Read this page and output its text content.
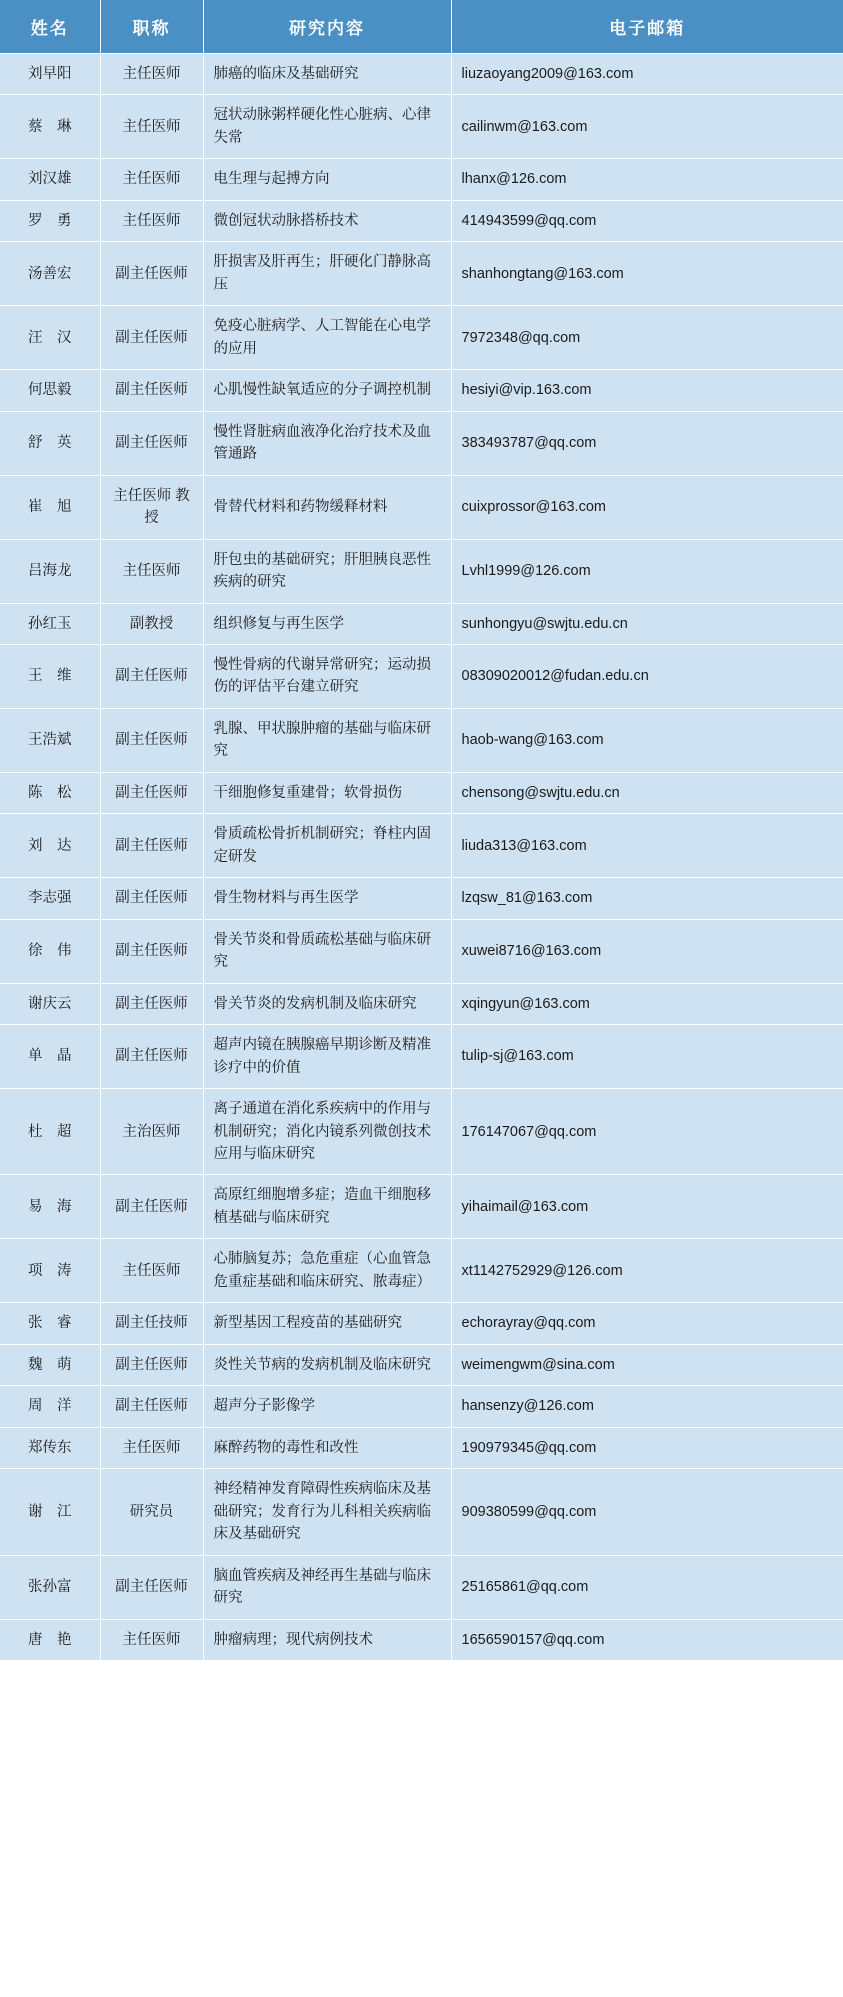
姓名	职称	研究内容	电子邮箱
刘早阳	主任医师	肺癌的临床及基础研究	liuzaoyang2009@163.com
蔡　琳	主任医师	冠状动脉粥样硬化性心脏病、心律失常	cailinwm@163.com
刘汉雄	主任医师	电生理与起搏方向	lhanx@126.com
罗　勇	主任医师	微创冠状动脉搭桥技术	414943599@qq.com
汤善宏	副主任医师	肝损害及肝再生；肝硬化门静脉高压	shanhongtang@163.com
汪　汉	副主任医师	免疫心脏病学、人工智能在心电学的应用	7972348@qq.com
何思毅	副主任医师	心肌慢性缺氧适应的分子调控机制	hesiyi@vip.163.com
舒　英	副主任医师	慢性肾脏病血液净化治疗技术及血管通路	383493787@qq.com
崔　旭	主任医师 教授	骨替代材料和药物缓释材料	cuixprossor@163.com
吕海龙	主任医师	肝包虫的基础研究；肝胆胰良恶性疾病的研究	Lvhl1999@126.com
孙红玉	副教授	组织修复与再生医学	sunhongyu@swjtu.edu.cn
王　维	副主任医师	慢性骨病的代谢异常研究；运动损伤的评估平台建立研究	08309020012@fudan.edu.cn
王浩斌	副主任医师	乳腺、甲状腺肿瘤的基础与临床研究	haob-wang@163.com
陈　松	副主任医师	干细胞修复重建骨；软骨损伤	chensong@swjtu.edu.cn
刘　达	副主任医师	骨质疏松骨折机制研究；脊柱内固定研发	liuda313@163.com
李志强	副主任医师	骨生物材料与再生医学	lzqsw_81@163.com
徐　伟	副主任医师	骨关节炎和骨质疏松基础与临床研究	xuwei8716@163.com
谢庆云	副主任医师	骨关节炎的发病机制及临床研究	xqingyun@163.com
单　晶	副主任医师	超声内镜在胰腺癌早期诊断及精准诊疗中的价值	tulip-sj@163.com
杜　超	主治医师	离子通道在消化系疾病中的作用与机制研究；消化内镜系列微创技术应用与临床研究	176147067@qq.com
易　海	副主任医师	高原红细胞增多症；造血干细胞移植基础与临床研究	yihaimail@163.com
项　涛	主任医师	心肺脑复苏；急危重症（心血管急危重症基础和临床研究、脓毒症）	xt1142752929@126.com
张　睿	副主任技师	新型基因工程疫苗的基础研究	echorayray@qq.com
魏　萌	副主任医师	炎性关节病的发病机制及临床研究	weimengwm@sina.com
周　洋	副主任医师	超声分子影像学	hansenzy@126.com
郑传东	主任医师	麻醉药物的毒性和改性	190979345@qq.com
谢　江	研究员	神经精神发育障碍性疾病临床及基础研究；发育行为儿科相关疾病临床及基础研究	909380599@qq.com
张孙富	副主任医师	脑血管疾病及神经再生基础与临床研究	25165861@qq.com
唐　艳	主任医师	肿瘤病理；现代病例技术	1656590157@qq.com
